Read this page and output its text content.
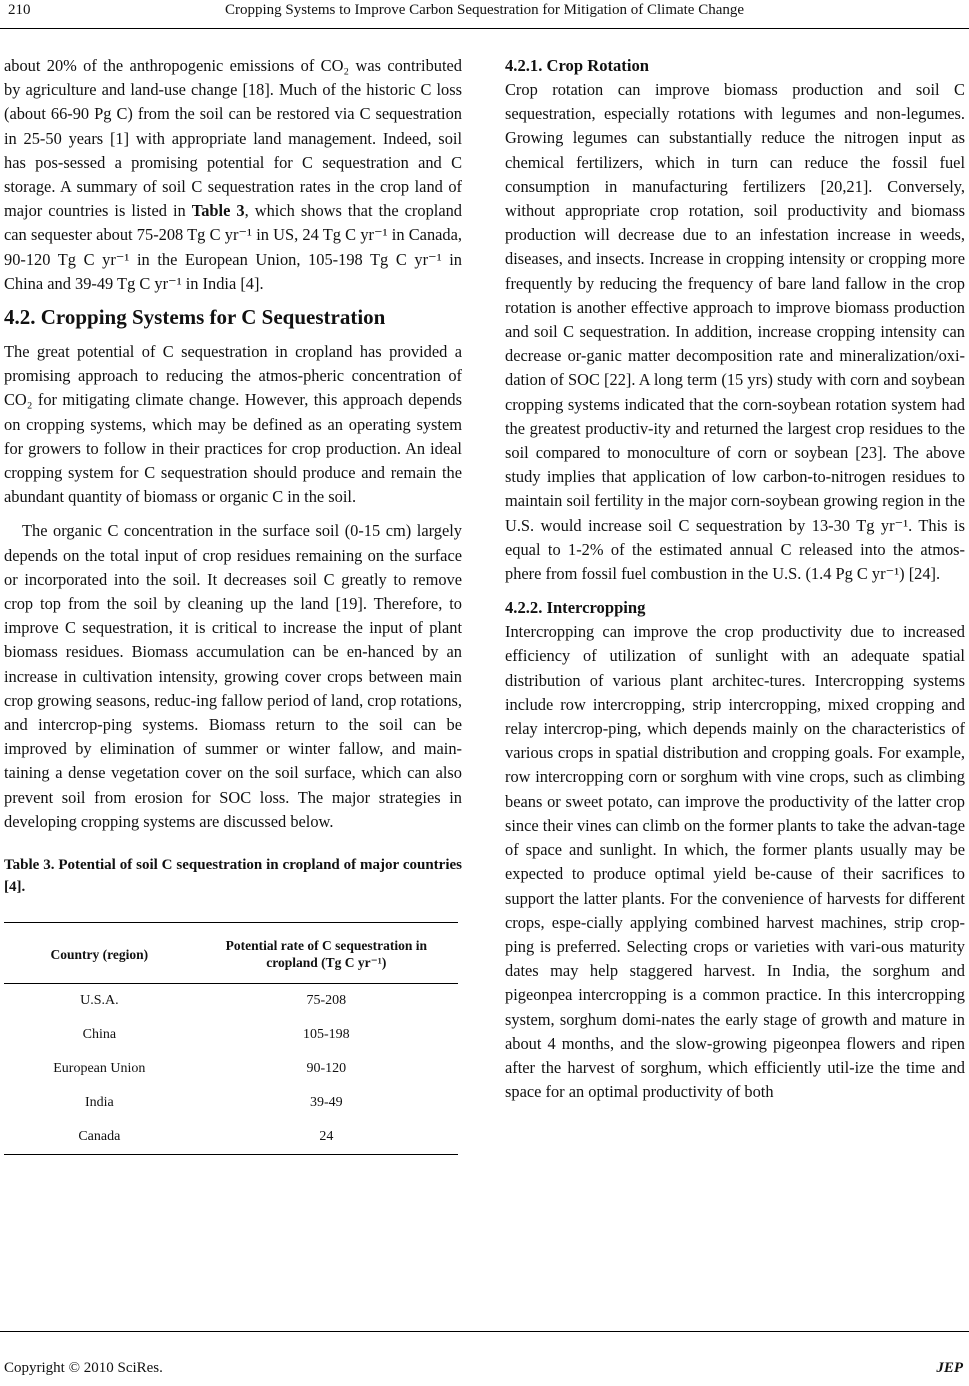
210	Cropping Systems to Improve Carbon Sequestration for Mitigation of Climate Change

about 20% of the anthropogenic emissions of CO₂ was contributed by agriculture and land-use change [18]. Much of the historic C loss (about 66-90 Pg C) from the soil can be restored via C sequestration in 25-50 years [1] with appropriate land management. Indeed, soil has pos-sessed a promising potential for C sequestration and C storage. A summary of soil C sequestration rates in the crop land of major countries is listed in Table 3, which shows that the cropland can sequester about 75-208 Tg C yr⁻¹ in US, 24 Tg C yr⁻¹ in Canada, 90-120 Tg C yr⁻¹ in the European Union, 105-198 Tg C yr⁻¹ in China and 39-49 Tg C yr⁻¹ in India [4].

4.2. Cropping Systems for C Sequestration

The great potential of C sequestration in cropland has provided a promising approach to reducing the atmos-pheric concentration of CO₂ for mitigating climate change. However, this approach depends on cropping systems, which may be defined as an operating system for growers to follow in their practices for crop production. An ideal cropping system for C sequestration should produce and remain the abundant quantity of biomass or organic C in the soil.

The organic C concentration in the surface soil (0-15 cm) largely depends on the total input of crop residues remaining on the surface or incorporated into the soil. It decreases soil C greatly to remove crop top from the soil by cleaning up the land [19]. Therefore, to improve C sequestration, it is critical to increase the input of plant biomass residues. Biomass accumulation can be en-hanced by an increase in cultivation intensity, growing cover crops between main crop growing seasons, reduc-ing fallow period of land, crop rotations, and intercrop-ping systems. Biomass return to the soil can be improved by elimination of summer or winter fallow, and main-taining a dense vegetation cover on the soil surface, which can also prevent soil from erosion for SOC loss. The major strategies in developing cropping systems are discussed below.

Table 3. Potential of soil C sequestration in cropland of major countries [4].

Country (region)	Potential rate of C sequestration in cropland (Tg C yr⁻¹)
U.S.A.	75-208
China	105-198
European Union	90-120
India	39-49
Canada	24
4.2.1. Crop Rotation

Crop rotation can improve biomass production and soil C sequestration, especially rotations with legumes and non-legumes. Growing legumes can substantially reduce the nitrogen input as chemical fertilizers, which in turn can reduce the fossil fuel consumption in manufacturing fertilizers [20,21]. Conversely, without appropriate crop rotation, soil productivity and biomass production will decrease due to an infestation increase in weeds, diseases, and insects. Increase in cropping intensity or cropping more frequently by reducing the frequency of bare land fallow in the crop rotation is another effective approach to improve biomass production and soil C sequestration. In addition, increase cropping intensity can decrease or-ganic matter decomposition rate and mineralization/oxi-dation of SOC [22]. A long term (15 yrs) study with corn and soybean cropping systems indicated that the corn-soybean rotation system had the greatest productiv-ity and returned the largest crop residues to the soil compared to monoculture of corn or soybean [23]. The above study implies that application of low carbon-to-nitrogen residues to maintain soil fertility in the major corn-soybean growing region in the U.S. would increase soil C sequestration by 13-30 Tg yr⁻¹. This is equal to 1-2% of the estimated annual C released into the atmos-phere from fossil fuel combustion in the U.S. (1.4 Pg C yr⁻¹) [24].

4.2.2. Intercropping

Intercropping can improve the crop productivity due to increased efficiency of utilization of sunlight with an adequate spatial distribution of various plant architec-tures. Intercropping systems include row intercropping, strip intercropping, mixed cropping and relay intercrop-ping, which depends mainly on the characteristics of various crops in spatial distribution and cropping goals. For example, row intercropping corn or sorghum with vine crops, such as climbing beans or sweet potato, can improve the productivity of the latter crop since their vines can climb on the former plants to take the advan-tage of space and sunlight. In which, the former plants usually may be expected to produce optimal yield be-cause of their sacrifices to support the latter plants. For the convenience of harvests for different crops, espe-cially applying combined harvest machines, strip crop-ping is preferred. Selecting crops or varieties with vari-ous maturity dates may help staggered harvest. In India, the sorghum and pigeonpea intercropping is a common practice. In this intercropping system, sorghum domi-nates the early stage of growth and mature in about 4 months, and the slow-growing pigeonpea flowers and ripen after the harvest of sorghum, which efficiently util-ize the time and space for an optimal productivity of both

Copyright © 2010 SciRes.	JEP
